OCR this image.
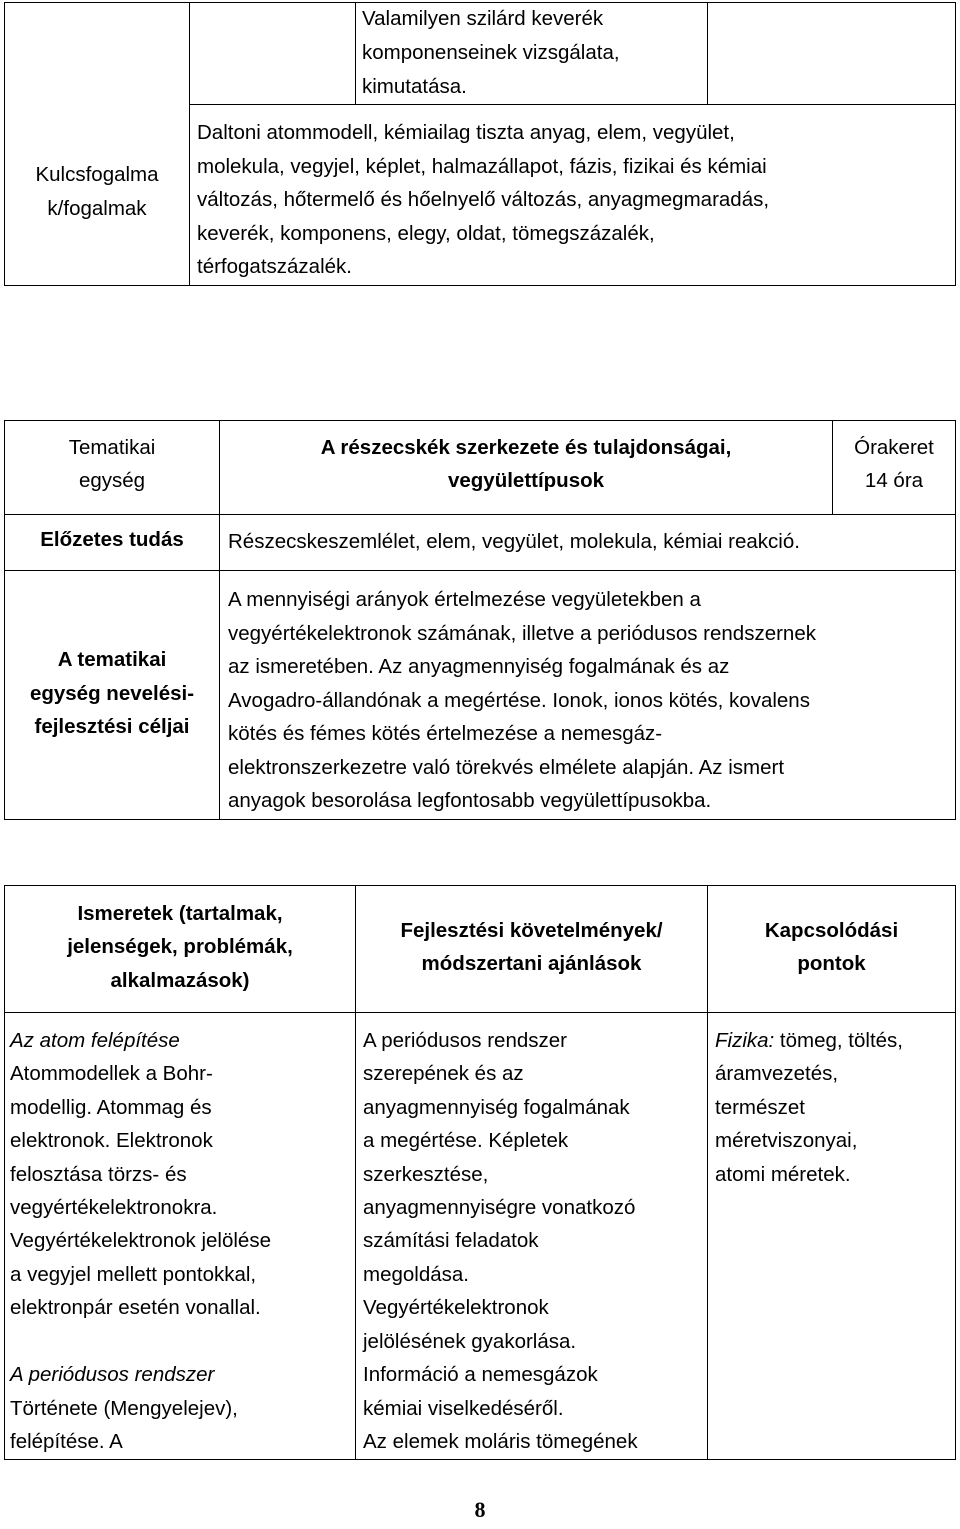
Valamilyen szilárd keverék
komponenseinek vizsgálata,
kimutatása.
Kulcsfogalma
k/fogalmak
Daltoni atommodell, kémiailag tiszta anyag, elem, vegyület,
molekula, vegyjel, képlet, halmazállapot, fázis, fizikai és kémiai
változás, hőtermelő és hőelnyelő változás, anyagmegmaradás,
keverék, komponens, elegy, oldat, tömegszázalék,
térfogatszázalék.
Tematikai
egység
A részecskék szerkezete és tulajdonságai,
vegyülettípusok
Órakeret
14 óra
Előzetes tudás	Részecskeszemlélet, elem, vegyület, molekula, kémiai reakció.
A tematikai
egység nevelési-
fejlesztési céljai
A mennyiségi arányok értelmezése vegyületekben a
vegyértékelektronok számának, illetve a periódusos rendszernek
az ismeretében. Az anyagmennyiség fogalmának és az
Avogadro-állandónak a megértése. Ionok, ionos kötés, kovalens
kötés és fémes kötés értelmezése a nemesgáz-
elektronszerkezetre való törekvés elmélete alapján. Az ismert
anyagok besorolása legfontosabb vegyülettípusokba.
Ismeretek (tartalmak,
jelenségek, problémák,
alkalmazások)
Fejlesztési követelmények/
módszertani ajánlások
Kapcsolódási
pontok
Az atom felépítése
Atommodellek a Bohr-
modellig. Atommag és
elektronok. Elektronok
felosztása törzs- és
vegyértékelektronokra.
Vegyértékelektronok jelölése
a vegyjel mellett pontokkal,
elektronpár esetén vonallal.
A periódusos rendszer
Története (Mengyelejev),
felépítése. A
A periódusos rendszer
szerepének és az
anyagmennyiség fogalmának
a megértése. Képletek
szerkesztése,
anyagmennyiségre vonatkozó
számítási feladatok
megoldása.
Vegyértékelektronok
jelölésének gyakorlása.
Információ a nemesgázok
kémiai viselkedéséről.
Az elemek moláris tömegének
Fizika: tömeg, töltés,
áramvezetés,
természet
méretviszonyai,
atomi méretek.
8
